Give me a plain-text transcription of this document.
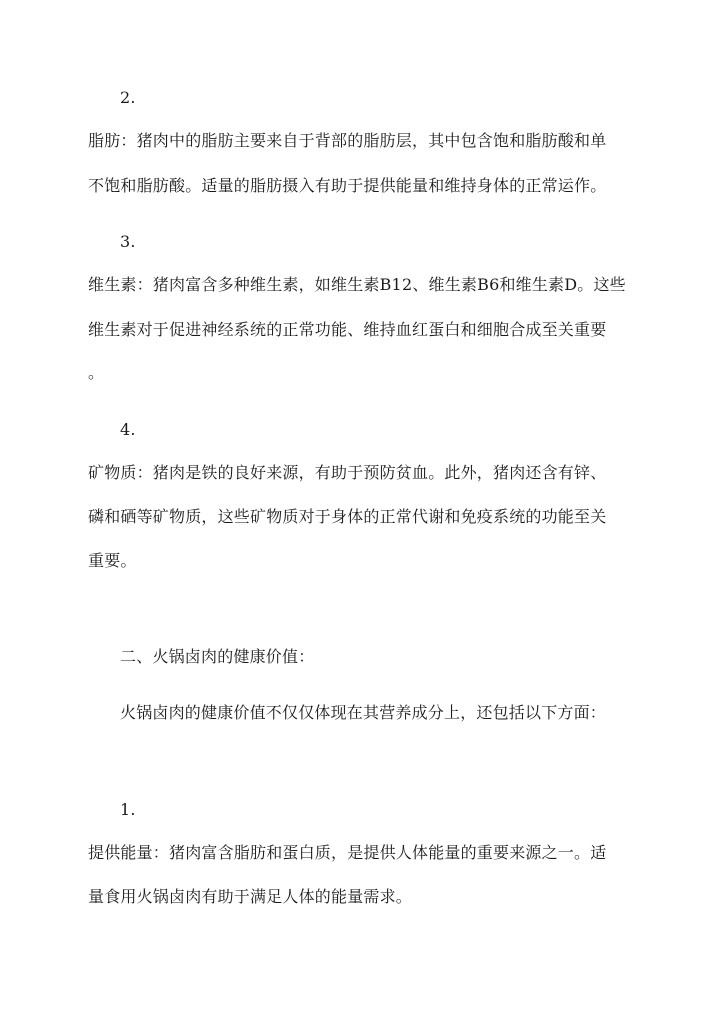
2.
脂肪：猪肉中的脂肪主要来自于背部的脂肪层，其中包含饱和脂肪酸和单
不饱和脂肪酸。适量的脂肪摄入有助于提供能量和维持身体的正常运作。
3.
维生素：猪肉富含多种维生素，如维生素B12、维生素B6和维生素D。这些
维生素对于促进神经系统的正常功能、维持血红蛋白和细胞合成至关重要
。
4.
矿物质：猪肉是铁的良好来源，有助于预防贫血。此外，猪肉还含有锌、
磷和硒等矿物质，这些矿物质对于身体的正常代谢和免疫系统的功能至关
重要。
二、火锅卤肉的健康价值：
火锅卤肉的健康价值不仅仅体现在其营养成分上，还包括以下方面：
1.
提供能量：猪肉富含脂肪和蛋白质，是提供人体能量的重要来源之一。适
量食用火锅卤肉有助于满足人体的能量需求。
